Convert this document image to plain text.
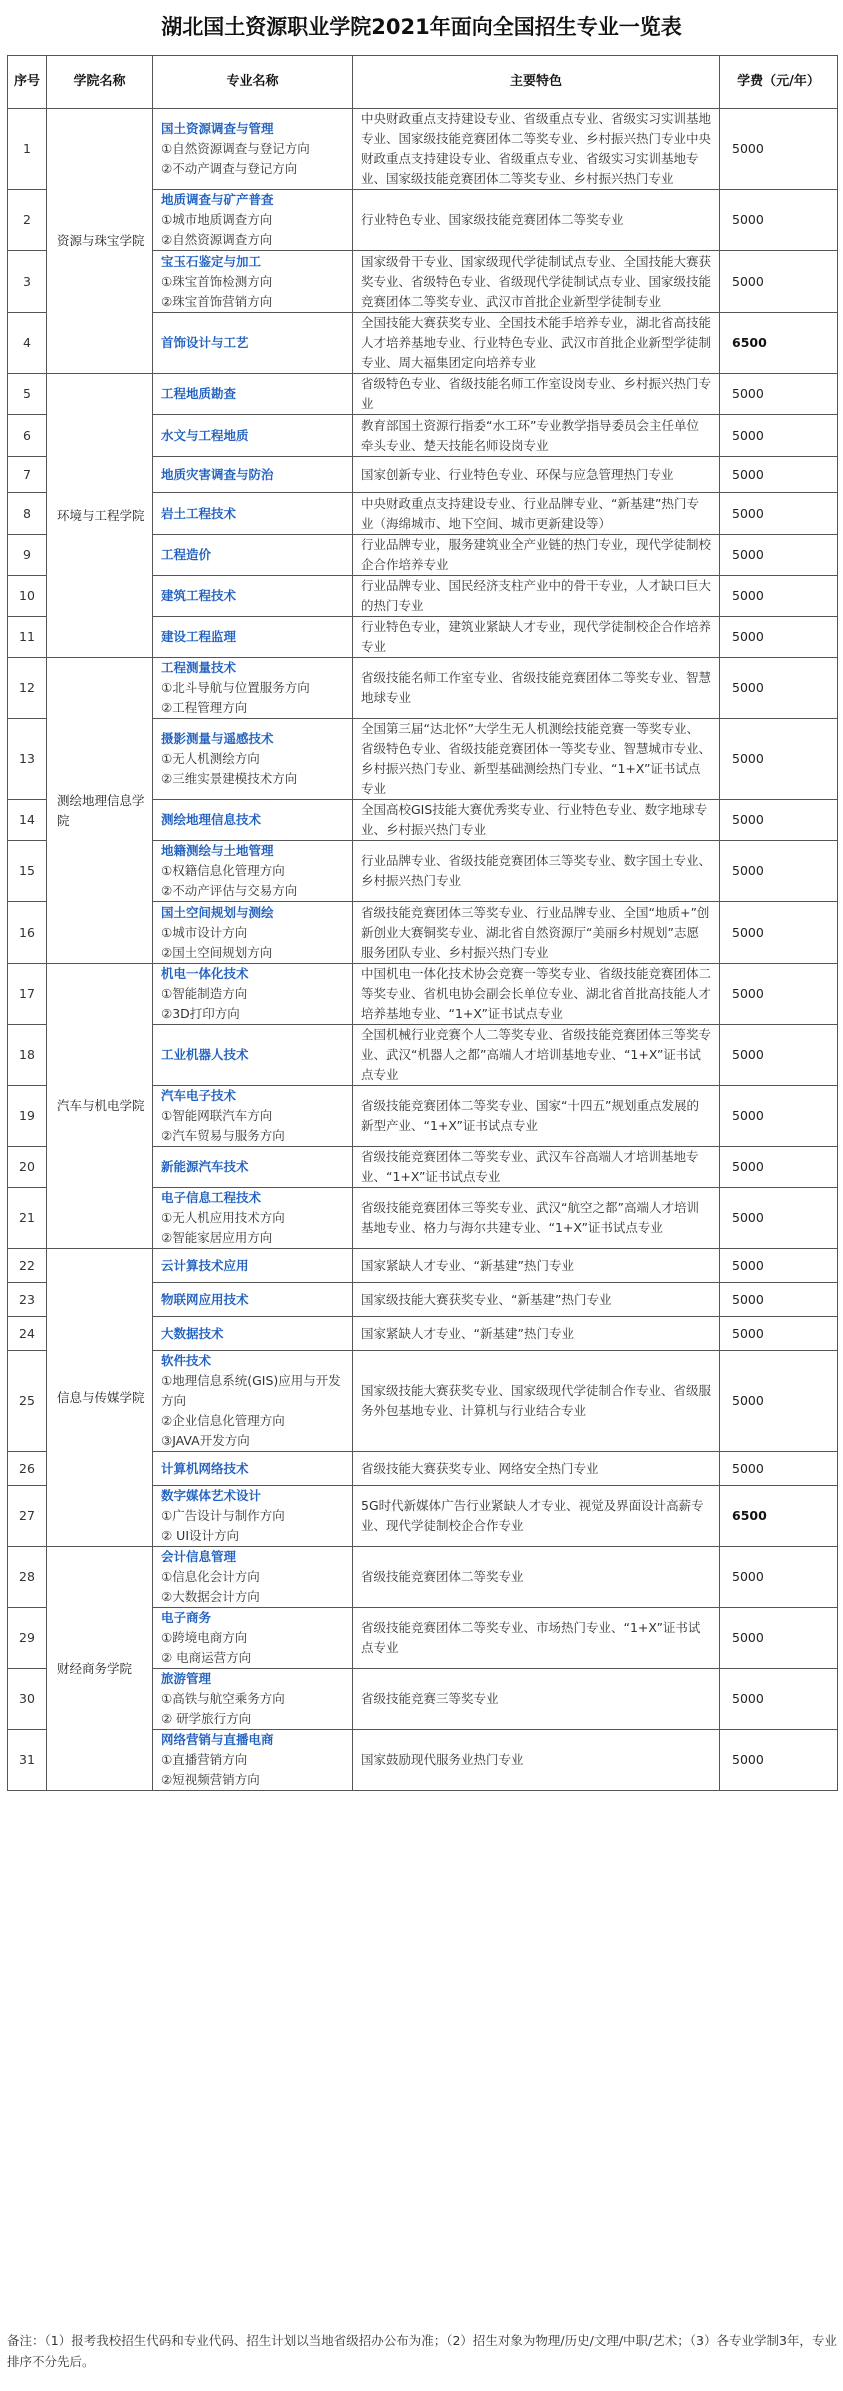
湖北国土资源职业学院2021年面向全国招生专业一览表
序号	学院名称	专业名称	主要特色	学费（元/年）
1	资源与珠宝学院	国土资源调查与管理
①自然资源调查与登记方向
②不动产调查与登记方向	中央财政重点支持建设专业、省级重点专业、省级实习实训基地专业、国家级技能竞赛团体二等奖专业、乡村振兴热门专业中央财政重点支持建设专业、省级重点专业、省级实习实训基地专业、国家级技能竞赛团体二等奖专业、乡村振兴热门专业	5000
2		地质调查与矿产普查
①城市地质调查方向
②自然资源调查方向	行业特色专业、国家级技能竞赛团体二等奖专业	5000
3		宝玉石鉴定与加工
①珠宝首饰检测方向
②珠宝首饰营销方向	国家级骨干专业、国家级现代学徒制试点专业、全国技能大赛获奖专业、省级特色专业、省级现代学徒制试点专业、国家级技能竞赛团体二等奖专业、武汉市首批企业新型学徒制专业	5000
4		首饰设计与工艺	全国技能大赛获奖专业、全国技术能手培养专业，湖北省高技能人才培养基地专业、行业特色专业、武汉市首批企业新型学徒制专业、周大福集团定向培养专业	6500
5	环境与工程学院	工程地质勘查	省级特色专业、省级技能名师工作室设岗专业、乡村振兴热门专业	5000
6		水文与工程地质	教育部国土资源行指委“水工环”专业教学指导委员会主任单位牵头专业、楚天技能名师设岗专业	5000
7		地质灾害调查与防治	国家创新专业、行业特色专业、环保与应急管理热门专业	5000
8		岩土工程技术	中央财政重点支持建设专业、行业品牌专业、“新基建”热门专业（海绵城市、地下空间、城市更新建设等）	5000
9		工程造价	行业品牌专业，服务建筑业全产业链的热门专业，现代学徒制校企合作培养专业	5000
10		建筑工程技术	行业品牌专业、国民经济支柱产业中的骨干专业，人才缺口巨大的热门专业	5000
11		建设工程监理	行业特色专业，建筑业紧缺人才专业，现代学徒制校企合作培养专业	5000
12	测绘地理信息学院	工程测量技术
①北斗导航与位置服务方向
②工程管理方向	省级技能名师工作室专业、省级技能竞赛团体二等奖专业、智慧地球专业	5000
13		摄影测量与遥感技术
①无人机测绘方向
②三维实景建模技术方向	全国第三届“达北怀”大学生无人机测绘技能竞赛一等奖专业、省级特色专业、省级技能竞赛团体一等奖专业、智慧城市专业、乡村振兴热门专业、新型基础测绘热门专业、“1+X”证书试点专业	5000
14		测绘地理信息技术	全国高校GIS技能大赛优秀奖专业、行业特色专业、数字地球专业、乡村振兴热门专业	5000
15		地籍测绘与土地管理
①权籍信息化管理方向
②不动产评估与交易方向	行业品牌专业、省级技能竞赛团体三等奖专业、数字国土专业、乡村振兴热门专业	5000
16		国土空间规划与测绘
①城市设计方向
②国土空间规划方向	省级技能竞赛团体三等奖专业、行业品牌专业、全国“地质+”创新创业大赛铜奖专业、湖北省自然资源厅“美丽乡村规划”志愿服务团队专业、乡村振兴热门专业	5000
17	汽车与机电学院	机电一体化技术
①智能制造方向
②3D打印方向	中国机电一体化技术协会竞赛一等奖专业、省级技能竞赛团体二等奖专业、省机电协会副会长单位专业、湖北省首批高技能人才培养基地专业、“1+X”证书试点专业	5000
18		工业机器人技术	全国机械行业竞赛个人二等奖专业、省级技能竞赛团体三等奖专业、武汉“机器人之都”高端人才培训基地专业、“1+X”证书试点专业	5000
19		汽车电子技术
①智能网联汽车方向
②汽车贸易与服务方向	省级技能竞赛团体二等奖专业、国家“十四五”规划重点发展的新型产业、“1+X”证书试点专业	5000
20		新能源汽车技术	省级技能竞赛团体二等奖专业、武汉车谷高端人才培训基地专业、“1+X”证书试点专业	5000
21		电子信息工程技术
①无人机应用技术方向
②智能家居应用方向	省级技能竞赛团体三等奖专业、武汉“航空之都”高端人才培训基地专业、格力与海尔共建专业、“1+X”证书试点专业	5000
22	信息与传媒学院	云计算技术应用	国家紧缺人才专业、“新基建”热门专业	5000
23		物联网应用技术	国家级技能大赛获奖专业、“新基建”热门专业	5000
24		大数据技术	国家紧缺人才专业、“新基建”热门专业	5000
25		软件技术
①地理信息系统(GIS)应用与开发方向
②企业信息化管理方向
③JAVA开发方向	国家级技能大赛获奖专业、国家级现代学徒制合作专业、省级服务外包基地专业、计算机与行业结合专业	5000
26		计算机网络技术	省级技能大赛获奖专业、网络安全热门专业	5000
27		数字媒体艺术设计
①广告设计与制作方向
② UI设计方向	5G时代新媒体广告行业紧缺人才专业、视觉及界面设计高薪专业、现代学徒制校企合作专业	6500
28	财经商务学院	会计信息管理
①信息化会计方向
②大数据会计方向	省级技能竞赛团体二等奖专业	5000
29		电子商务
①跨境电商方向
② 电商运营方向	省级技能竞赛团体二等奖专业、市场热门专业、“1+X”证书试点专业	5000
30		旅游管理
①高铁与航空乘务方向
② 研学旅行方向	省级技能竞赛三等奖专业	5000
31		网络营销与直播电商
①直播营销方向
②短视频营销方向	国家鼓励现代服务业热门专业	5000
备注：（1）报考我校招生代码和专业代码、招生计划以当地省级招办公布为准；（2）招生对象为物理/历史/文理/中职/艺术；（3）各专业学制3年，专业排序不分先后。
